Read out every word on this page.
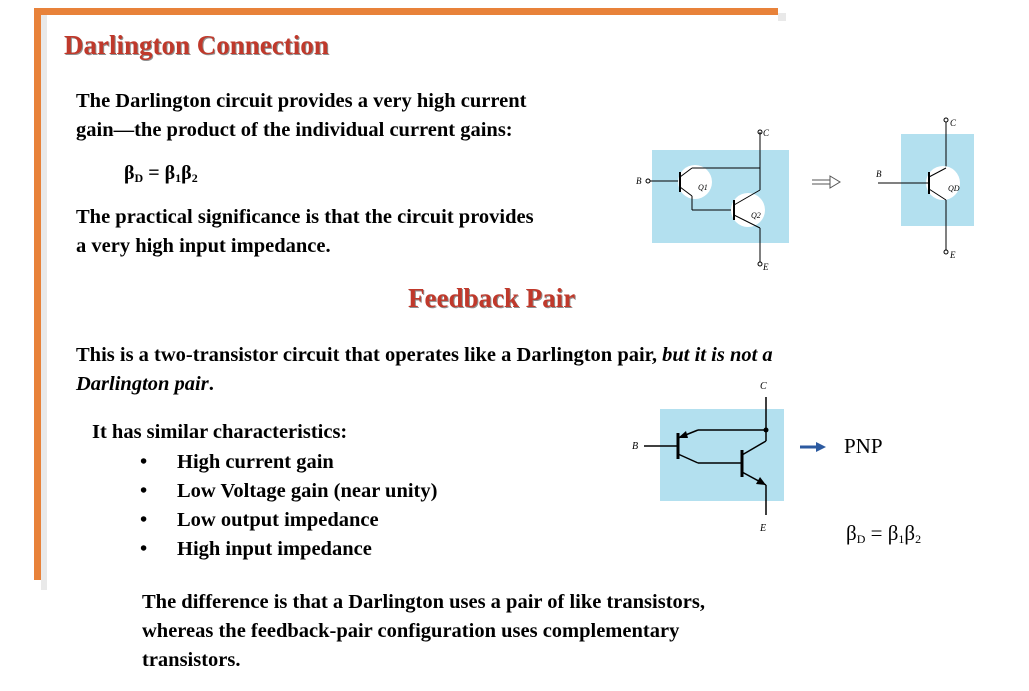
Darlington Connection
The Darlington circuit provides a very high current
gain—the product of the individual current gains:
$\beta_D = \beta_1\beta_2$
The practical significance is that the circuit provides
a very high input impedance.
C
B
E
Q1
Q2
C
B
E
QD
Feedback Pair
This is a two-transistor circuit that operates like a Darlington pair, but it is not a
Darlington pair.
It has similar characteristics:
• High current gain
• Low Voltage gain (near unity)
• Low output impedance
• High input impedance
C
B
E
PNP
$\beta_D = \beta_1\beta_2$
The difference is that a Darlington uses a pair of like transistors,
whereas the feedback-pair configuration uses complementary
transistors.
